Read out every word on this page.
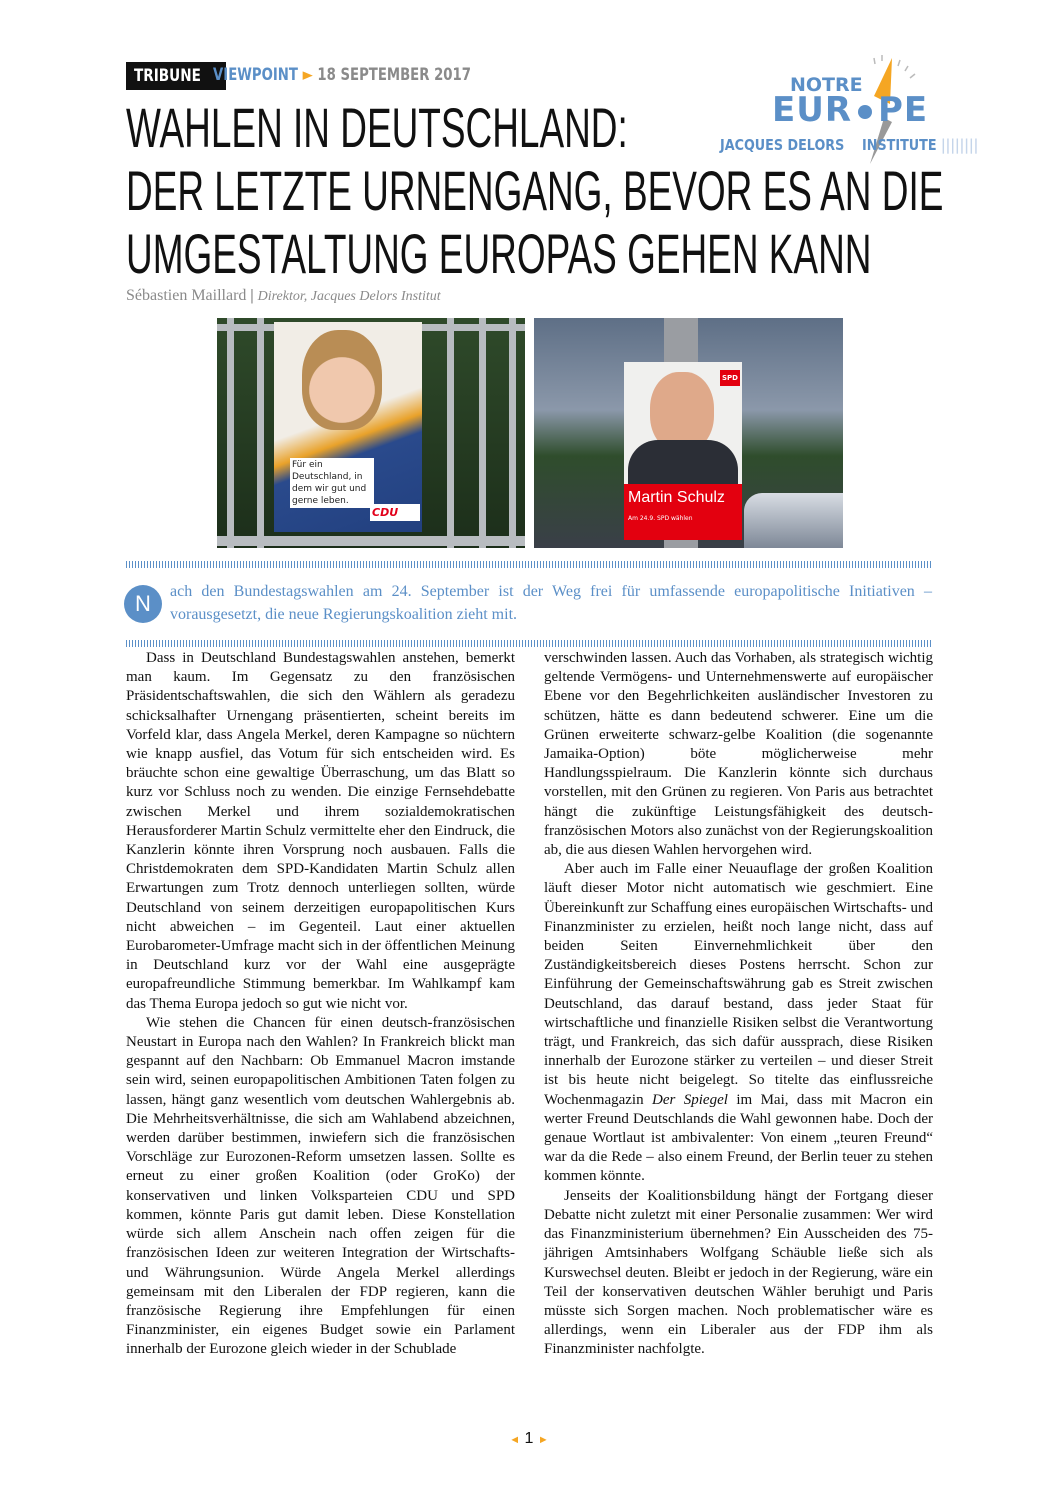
TRIBUNE VIEWPOINT ► 18 SEPTEMBER 2017
WAHLEN IN DEUTSCHLAND:
DER LETZTE URNENGANG, BEVOR ES AN DIE
UMGESTALTUNG EUROPAS GEHEN KANN
NOTRE
EUR PE
JACQUES DELORS INSTITUTE ||||||||
Sébastien Maillard | Direktor, Jacques Delors Institut
Für ein Deutschland, in dem wir gut und gerne leben.
CDU
SPD
Martin Schulz
Am 24.9. SPD wählen
N	ach den Bundestagswahlen am 24. September ist der Weg frei für umfassende europapolitische Initiativen – vorausgesetzt, die neue Regierungskoalition zieht mit.

Dass in Deutschland Bundestagswahlen anstehen, bemerkt man kaum. Im Gegensatz zu den französischen Präsidentschaftswahlen, die sich den Wählern als geradezu schicksalhafter Urnengang präsentierten, scheint bereits im Vorfeld klar, dass Angela Merkel, deren Kampagne so nüchtern wie knapp ausfiel, das Votum für sich entscheiden wird. Es bräuchte schon eine gewaltige Überraschung, um das Blatt so kurz vor Schluss noch zu wenden. Die einzige Fernsehdebatte zwischen Merkel und ihrem sozialdemokratischen Herausforderer Martin Schulz vermittelte eher den Eindruck, die Kanzlerin könnte ihren Vorsprung noch ausbauen. Falls die Christdemokraten dem SPD-Kandidaten Martin Schulz allen Erwartungen zum Trotz dennoch unterliegen sollten, würde Deutschland von seinem derzeitigen europapolitischen Kurs nicht abweichen – im Gegenteil. Laut einer aktuellen Eurobarometer-Umfrage macht sich in der öffentlichen Meinung in Deutschland kurz vor der Wahl eine ausgeprägte europafreundliche Stimmung bemerkbar. Im Wahlkampf kam das Thema Europa jedoch so gut wie nicht vor.

Wie stehen die Chancen für einen deutsch-französischen Neustart in Europa nach den Wahlen? In Frankreich blickt man gespannt auf den Nachbarn: Ob Emmanuel Macron imstande sein wird, seinen europapolitischen Ambitionen Taten folgen zu lassen, hängt ganz wesentlich vom deutschen Wahlergebnis ab. Die Mehrheitsverhältnisse, die sich am Wahlabend abzeichnen, werden darüber bestimmen, inwiefern sich die französischen Vorschläge zur Eurozonen-Reform umsetzen lassen. Sollte es erneut zu einer großen Koalition (oder GroKo) der konservativen und linken Volksparteien CDU und SPD kommen, könnte Paris gut damit leben. Diese Konstellation würde sich allem Anschein nach offen zeigen für die französischen Ideen zur weiteren Integration der Wirtschafts- und Währungsunion. Würde Angela Merkel allerdings gemeinsam mit den Liberalen der FDP regieren, kann die französische Regierung ihre Empfehlungen für einen Finanzminister, ein eigenes Budget sowie ein Parlament innerhalb der Eurozone gleich wieder in der Schublade

verschwinden lassen. Auch das Vorhaben, als strategisch wichtig geltende Vermögens- und Unternehmenswerte auf europäischer Ebene vor den Begehrlichkeiten ausländischer Investoren zu schützen, hätte es dann bedeutend schwerer. Eine um die Grünen erweiterte schwarz-gelbe Koalition (die sogenannte Jamaika-Option) böte möglicherweise mehr Handlungsspielraum. Die Kanzlerin könnte sich durchaus vorstellen, mit den Grünen zu regieren. Von Paris aus betrachtet hängt die zukünftige Leistungsfähigkeit des deutsch-französischen Motors also zunächst von der Regierungskoalition ab, die aus diesen Wahlen hervorgehen wird.

Aber auch im Falle einer Neuauflage der großen Koalition läuft dieser Motor nicht automatisch wie geschmiert. Eine Übereinkunft zur Schaffung eines europäischen Wirtschafts- und Finanzminister zu erzielen, heißt noch lange nicht, dass auf beiden Seiten Einvernehmlichkeit über den Zuständigkeitsbereich dieses Postens herrscht. Schon zur Einführung der Gemeinschaftswährung gab es Streit zwischen Deutschland, das darauf bestand, dass jeder Staat für wirtschaftliche und finanzielle Risiken selbst die Verantwortung trägt, und Frankreich, das sich dafür aussprach, diese Risiken innerhalb der Eurozone stärker zu verteilen – und dieser Streit ist bis heute nicht beigelegt. So titelte das einflussreiche Wochenmagazin Der Spiegel im Mai, dass mit Macron ein werter Freund Deutschlands die Wahl gewonnen habe. Doch der genaue Wortlaut ist ambivalenter: Von einem „teuren Freund“ war da die Rede – also einem Freund, der Berlin teuer zu stehen kommen könnte.

Jenseits der Koalitionsbildung hängt der Fortgang dieser Debatte nicht zuletzt mit einer Personalie zusammen: Wer wird das Finanzministerium übernehmen? Ein Ausscheiden des 75-jährigen Amtsinhabers Wolfgang Schäuble ließe sich als Kurswechsel deuten. Bleibt er jedoch in der Regierung, wäre ein Teil der konservativen deutschen Wähler beruhigt und Paris müsste sich Sorgen machen. Noch problematischer wäre es allerdings, wenn ein Liberaler aus der FDP ihm als Finanzminister nachfolgte.

◄ 1 ►
